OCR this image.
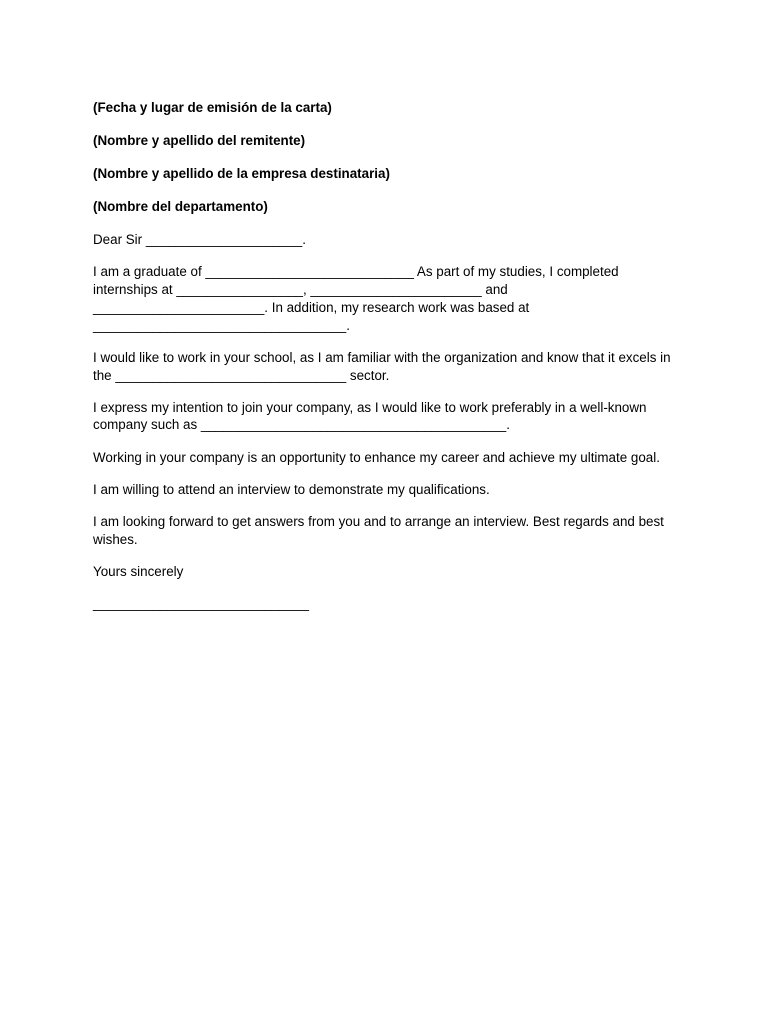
(Fecha y lugar de emisión de la carta)

(Nombre y apellido del remitente)

(Nombre y apellido de la empresa destinataria)

(Nombre del departamento)

Dear Sir _____________________.

I am a graduate of ____________________________ As part of my studies, I completed internships at _________________, _______________________ and _______________________. In addition, my research work was based at __________________________________.

I would like to work in your school, as I am familiar with the organization and know that it excels in the _______________________________ sector.

I express my intention to join your company, as I would like to work preferably in a well-known company such as _________________________________________.

Working in your company is an opportunity to enhance my career and achieve my ultimate goal.

I am willing to attend an interview to demonstrate my qualifications.

I am looking forward to get answers from you and to arrange an interview. Best regards and best wishes.

Yours sincerely

_____________________________
